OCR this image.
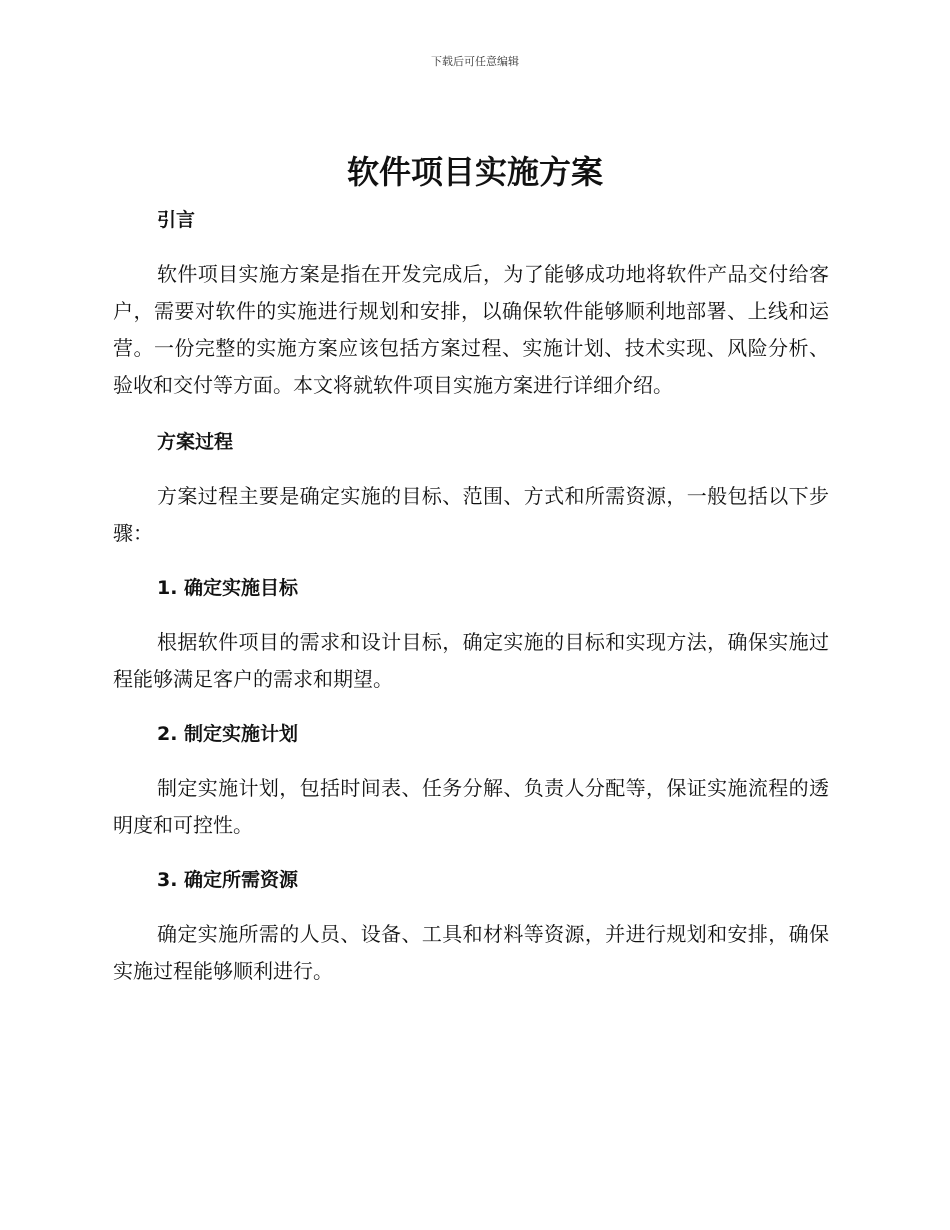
下载后可任意编辑
软件项目实施方案
引言

软件项目实施方案是指在开发完成后，为了能够成功地将软件产品交付给客户，需要对软件的实施进行规划和安排，以确保软件能够顺利地部署、上线和运营。一份完整的实施方案应该包括方案过程、实施计划、技术实现、风险分析、验收和交付等方面。本文将就软件项目实施方案进行详细介绍。

方案过程

方案过程主要是确定实施的目标、范围、方式和所需资源，一般包括以下步骤：

1. 确定实施目标

根据软件项目的需求和设计目标，确定实施的目标和实现方法，确保实施过程能够满足客户的需求和期望。

2. 制定实施计划

制定实施计划，包括时间表、任务分解、负责人分配等，保证实施流程的透明度和可控性。

3. 确定所需资源

确定实施所需的人员、设备、工具和材料等资源，并进行规划和安排，确保实施过程能够顺利进行。
